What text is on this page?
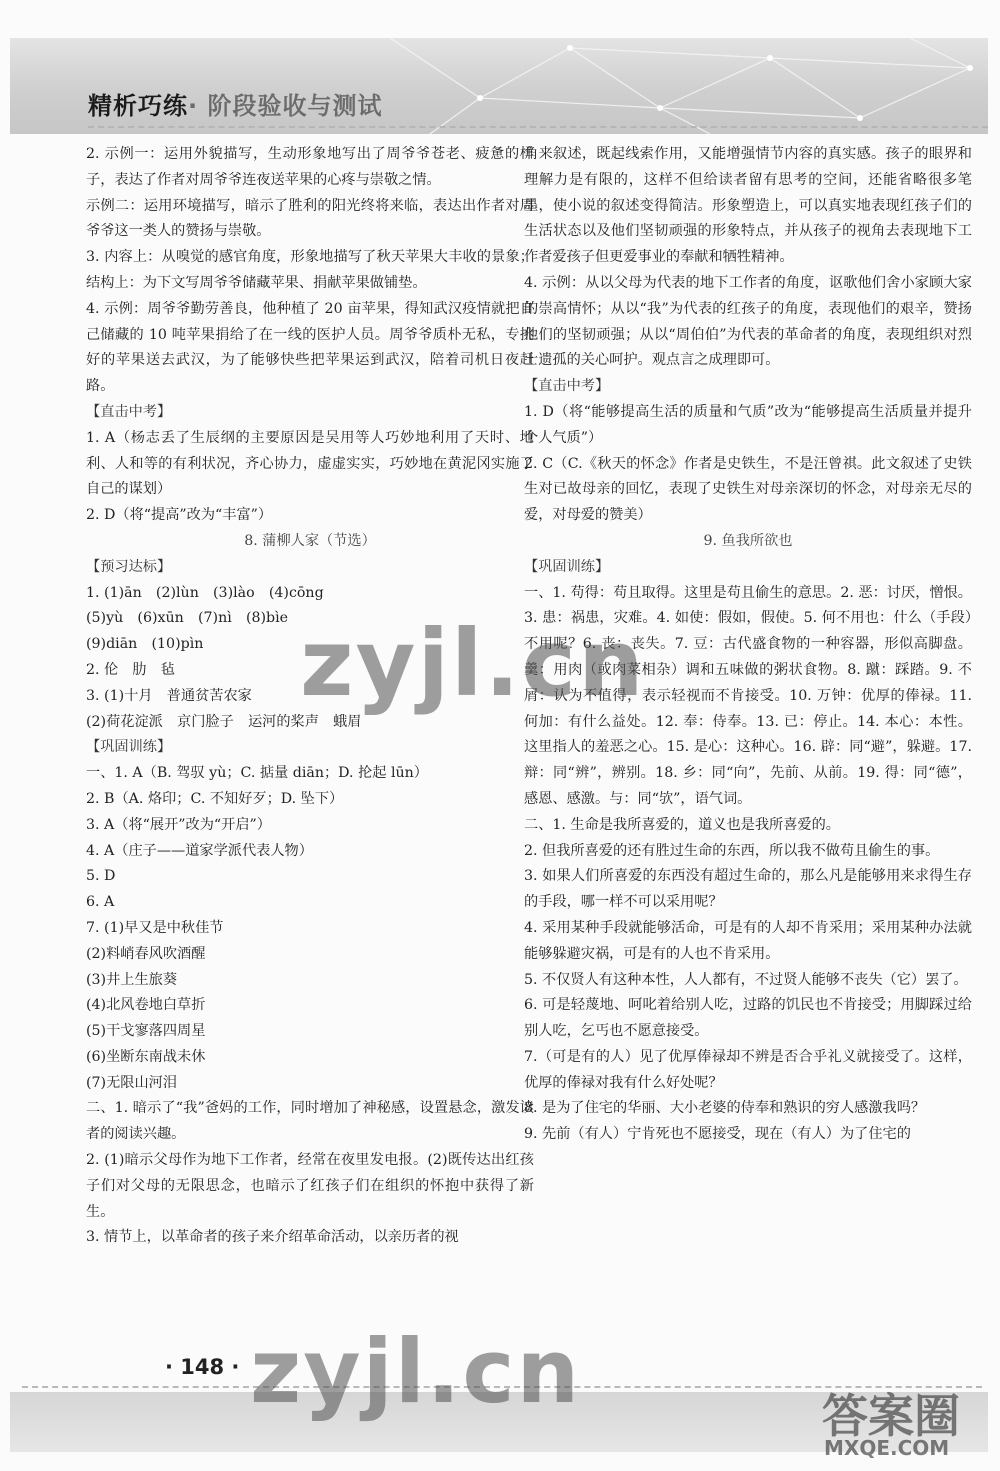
精析巧练· 阶段验收与测试

2. 示例一：运用外貌描写，生动形象地写出了周爷爷苍老、疲惫的样子，表达了作者对周爷爷连夜送苹果的心疼与崇敬之情。

示例二：运用环境描写，暗示了胜利的阳光终将来临，表达出作者对周爷爷这一类人的赞扬与崇敬。

3. 内容上：从嗅觉的感官角度，形象地描写了秋天苹果大丰收的景象；结构上：为下文写周爷爷储藏苹果、捐献苹果做铺垫。

4. 示例：周爷爷勤劳善良，他种植了 20 亩苹果，得知武汉疫情就把自己储藏的 10 吨苹果捐给了在一线的医护人员。周爷爷质朴无私，专挑好的苹果送去武汉，为了能够快些把苹果运到武汉，陪着司机日夜赶路。

【直击中考】

1. A（杨志丢了生辰纲的主要原因是吴用等人巧妙地利用了天时、地利、人和等的有利状况，齐心协力，虚虚实实，巧妙地在黄泥冈实施了自己的谋划）

2. D（将“提高”改为“丰富”）

8. 蒲柳人家（节选）

【预习达标】

1. (1)ān　(2)lùn　(3)lào　(4)cōng

(5)yù　(6)xūn　(7)nì　(8)bìe

(9)diān　(10)pìn

2. 伦　肋　毡

3. (1)十月　普通贫苦农家

(2)荷花淀派　京门脸子　运河的桨声　蛾眉

【巩固训练】

一、1. A（B. 驾驭 yù；C. 掂量 diān；D. 抡起 lūn）

2. B（A. 烙印；C. 不知好歹；D. 坠下）

3. A（将“展开”改为“开启”）

4. A（庄子——道家学派代表人物）

5. D

6. A

7. (1)早又是中秋佳节

(2)料峭春风吹酒醒

(3)井上生旅葵

(4)北风卷地白草折

(5)干戈寥落四周星

(6)坐断东南战未休

(7)无限山河泪

二、1. 暗示了“我”爸妈的工作，同时增加了神秘感，设置悬念，激发读者的阅读兴趣。

2. (1)暗示父母作为地下工作者，经常在夜里发电报。(2)既传达出红孩子们对父母的无限思念，也暗示了红孩子们在组织的怀抱中获得了新生。

3. 情节上，以革命者的孩子来介绍革命活动，以亲历者的视

角来叙述，既起线索作用，又能增强情节内容的真实感。孩子的眼界和理解力是有限的，这样不但给读者留有思考的空间，还能省略很多笔墨，使小说的叙述变得简洁。形象塑造上，可以真实地表现红孩子们的生活状态以及他们坚韧顽强的形象特点，并从孩子的视角去表现地下工作者爱孩子但更爱事业的奉献和牺牲精神。

4. 示例：从以父母为代表的地下工作者的角度，讴歌他们舍小家顾大家的崇高情怀；从以“我”为代表的红孩子的角度，表现他们的艰辛，赞扬他们的坚韧顽强；从以“周伯伯”为代表的革命者的角度，表现组织对烈士遗孤的关心呵护。观点言之成理即可。

【直击中考】

1. D（将“能够提高生活的质量和气质”改为“能够提高生活质量并提升个人气质”）

2. C（C.《秋天的怀念》作者是史铁生，不是汪曾祺。此文叙述了史铁生对已故母亲的回忆，表现了史铁生对母亲深切的怀念，对母亲无尽的爱，对母爱的赞美）

9. 鱼我所欲也

【巩固训练】

一、1. 苟得：苟且取得。这里是苟且偷生的意思。2. 恶：讨厌，憎恨。3. 患：祸患，灾难。4. 如使：假如，假使。5. 何不用也：什么（手段）不用呢？6. 丧：丧失。7. 豆：古代盛食物的一种容器，形似高脚盘。羹：用肉（或肉菜相杂）调和五味做的粥状食物。8. 蹴：踩踏。9. 不屑：认为不值得，表示轻视而不肯接受。10. 万钟：优厚的俸禄。11. 何加：有什么益处。12. 奉：侍奉。13. 已：停止。14. 本心：本性。这里指人的羞恶之心。15. 是心：这种心。16. 辟：同“避”，躲避。17. 辩：同“辨”，辨别。18. 乡：同“向”，先前、从前。19. 得：同“德”，感恩、感激。与：同“欤”，语气词。

二、1. 生命是我所喜爱的，道义也是我所喜爱的。

2. 但我所喜爱的还有胜过生命的东西，所以我不做苟且偷生的事。

3. 如果人们所喜爱的东西没有超过生命的，那么凡是能够用来求得生存的手段，哪一样不可以采用呢？

4. 采用某种手段就能够活命，可是有的人却不肯采用；采用某种办法就能够躲避灾祸，可是有的人也不肯采用。

5. 不仅贤人有这种本性，人人都有，不过贤人能够不丧失（它）罢了。

6. 可是轻蔑地、呵叱着给别人吃，过路的饥民也不肯接受；用脚踩过给别人吃，乞丐也不愿意接受。

7.（可是有的人）见了优厚俸禄却不辨是否合乎礼义就接受了。这样，优厚的俸禄对我有什么好处呢？

8. 是为了住宅的华丽、大小老婆的侍奉和熟识的穷人感激我吗？

9. 先前（有人）宁肯死也不愿接受，现在（有人）为了住宅的

zyjl.cn
· 148 · zyjl.cn	答案圈
MXQE.COM
